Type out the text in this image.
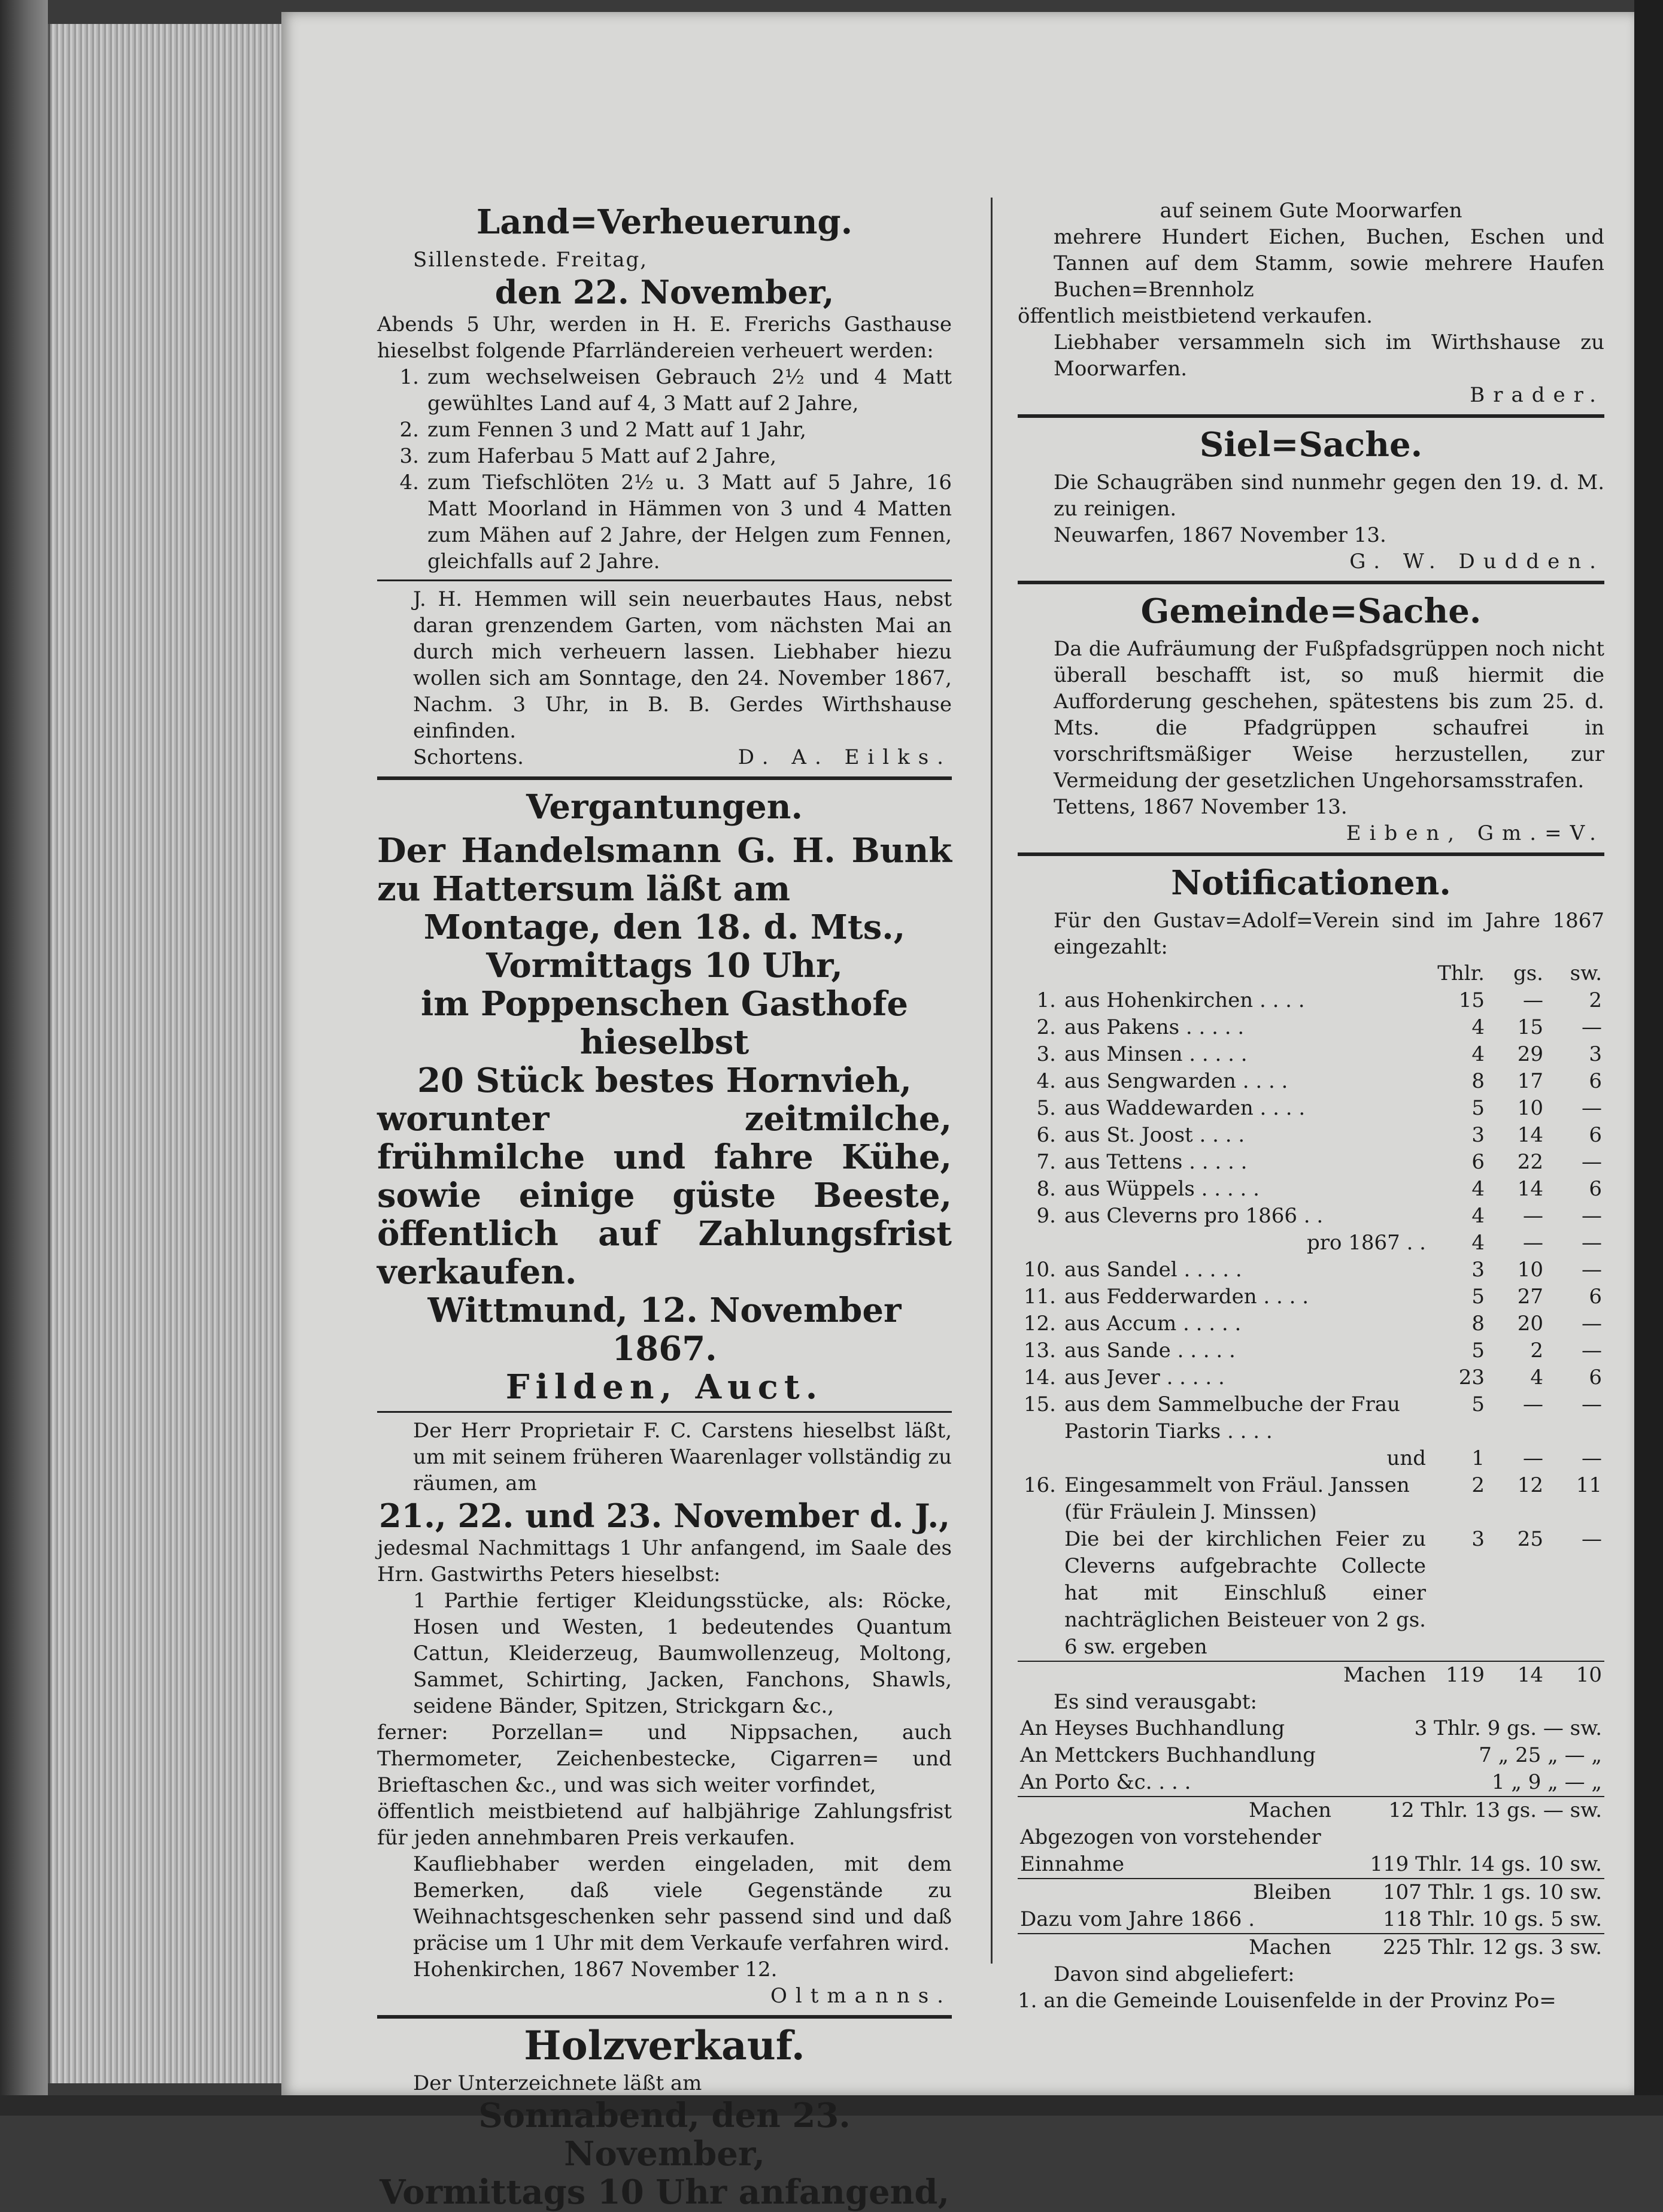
Land=Verheuerung.

Sillenstede. Freitag,

den 22. November,

Abends 5 Uhr, werden in H. E. Frerichs Gasthause hieselbst folgende Pfarrländereien verheuert werden:

1. zum wechselweisen Gebrauch 2½ und 4 Matt gewühltes Land auf 4, 3 Matt auf 2 Jahre,
2. zum Fennen 3 und 2 Matt auf 1 Jahr,
3. zum Haferbau 5 Matt auf 2 Jahre,
4. zum Tiefschlöten 2½ u. 3 Matt auf 5 Jahre, 16 Matt Moorland in Hämmen von 3 und 4 Matten zum Mähen auf 2 Jahre, der Helgen zum Fennen, gleichfalls auf 2 Jahre.

J. H. Hemmen will sein neuerbautes Haus, nebst daran grenzendem Garten, vom nächsten Mai an durch mich verheuern lassen. Liebhaber hiezu wollen sich am Sonntage, den 24. November 1867, Nachm. 3 Uhr, in B. B. Gerdes Wirthshause einfinden.

Schortens.	D. A. Eilks.
Vergantungen.

Der Handelsmann G. H. Bunk zu Hattersum läßt am

Montage, den 18. d. Mts.,

Vormittags 10 Uhr,

im Poppenschen Gasthofe hieselbst

20 Stück bestes Hornvieh,

worunter zeitmilche, frühmilche und fahre Kühe, sowie einige güste Beeste, öffentlich auf Zahlungsfrist verkaufen.

Wittmund, 12. November 1867.

Filden, Auct.

Der Herr Proprietair F. C. Carstens hieselbst läßt, um mit seinem früheren Waarenlager vollständig zu räumen, am

21., 22. und 23. November d. J.,

jedesmal Nachmittags 1 Uhr anfangend, im Saale des Hrn. Gastwirths Peters hieselbst:

1 Parthie fertiger Kleidungsstücke, als: Röcke, Hosen und Westen, 1 bedeutendes Quantum Cattun, Kleiderzeug, Baumwollenzeug, Moltong, Sammet, Schirting, Jacken, Fanchons, Shawls, seidene Bänder, Spitzen, Strickgarn &c.,

ferner: Porzellan= und Nippsachen, auch Thermometer, Zeichenbestecke, Cigarren= und Brieftaschen &c., und was sich weiter vorfindet,

öffentlich meistbietend auf halbjährige Zahlungsfrist für jeden annehmbaren Preis verkaufen.

Kaufliebhaber werden eingeladen, mit dem Bemerken, daß viele Gegenstände zu Weihnachtsgeschenken sehr passend sind und daß präcise um 1 Uhr mit dem Verkaufe verfahren wird.

Hohenkirchen, 1867 November 12.

Oltmanns.

Holzverkauf.

Der Unterzeichnete läßt am

Sonnabend, den 23. November,

Vormittags 10 Uhr anfangend,

auf seinem Gute Moorwarfen

mehrere Hundert Eichen, Buchen, Eschen und Tannen auf dem Stamm, sowie mehrere Haufen Buchen=Brennholz

öffentlich meistbietend verkaufen.

Liebhaber versammeln sich im Wirthshause zu Moorwarfen.

Brader.

Siel=Sache.

Die Schaugräben sind nunmehr gegen den 19. d. M. zu reinigen.

Neuwarfen, 1867 November 13.

G. W. Dudden.

Gemeinde=Sache.

Da die Aufräumung der Fußpfadsgrüppen noch nicht überall beschafft ist, so muß hiermit die Aufforderung geschehen, spätestens bis zum 25. d. Mts. die Pfadgrüppen schaufrei in vorschriftsmäßiger Weise herzustellen, zur Vermeidung der gesetzlichen Ungehorsamsstrafen.

Tettens, 1867 November 13.

Eiben, Gm.=V.

Notificationen.

Für den Gustav=Adolf=Verein sind im Jahre 1867 eingezahlt:

		Thlr.	gs.	sw.
1.	aus Hohenkirchen . . . .	15	—	2
2.	aus Pakens . . . . .	4	15	—
3.	aus Minsen . . . . .	4	29	3
4.	aus Sengwarden . . . .	8	17	6
5.	aus Waddewarden . . . .	5	10	—
6.	aus St. Joost . . . .	3	14	6
7.	aus Tettens . . . . .	6	22	—
8.	aus Wüppels . . . . .	4	14	6
9.	aus Cleverns pro 1866 . .	4	—	—
	pro 1867 . .	4	—	—
10.	aus Sandel . . . . .	3	10	—
11.	aus Fedderwarden . . . .	5	27	6
12.	aus Accum . . . . .	8	20	—
13.	aus Sande . . . . .	5	2	—
14.	aus Jever . . . . .	23	4	6
15.	aus dem Sammelbuche der Frau Pastorin Tiarks . . . .	5	—	—
	und	1	—	—
16.	Eingesammelt von Fräul. Janssen (für Fräulein J. Minssen)	2	12	11
	Die bei der kirchlichen Feier zu Cleverns aufgebrachte Collecte hat mit Einschluß einer nachträglichen Beisteuer von 2 gs. 6 sw. ergeben	3	25	—
	Machen	119	14	10

Es sind verausgabt:

An Heyses Buchhandlung	3 Thlr. 9 gs. — sw.
An Mettckers Buchhandlung	7 „ 25 „ — „
An Porto &c. . . .	1 „ 9 „ — „
Machen	12 Thlr. 13 gs. — sw.
Abgezogen von vorstehender Einnahme	119 Thlr. 14 gs. 10 sw.
Bleiben	107 Thlr. 1 gs. 10 sw.
Dazu vom Jahre 1866 .	118 Thlr. 10 gs. 5 sw.
Machen	225 Thlr. 12 gs. 3 sw.

Davon sind abgeliefert:

1. an die Gemeinde Louisenfelde in der Provinz Po=
